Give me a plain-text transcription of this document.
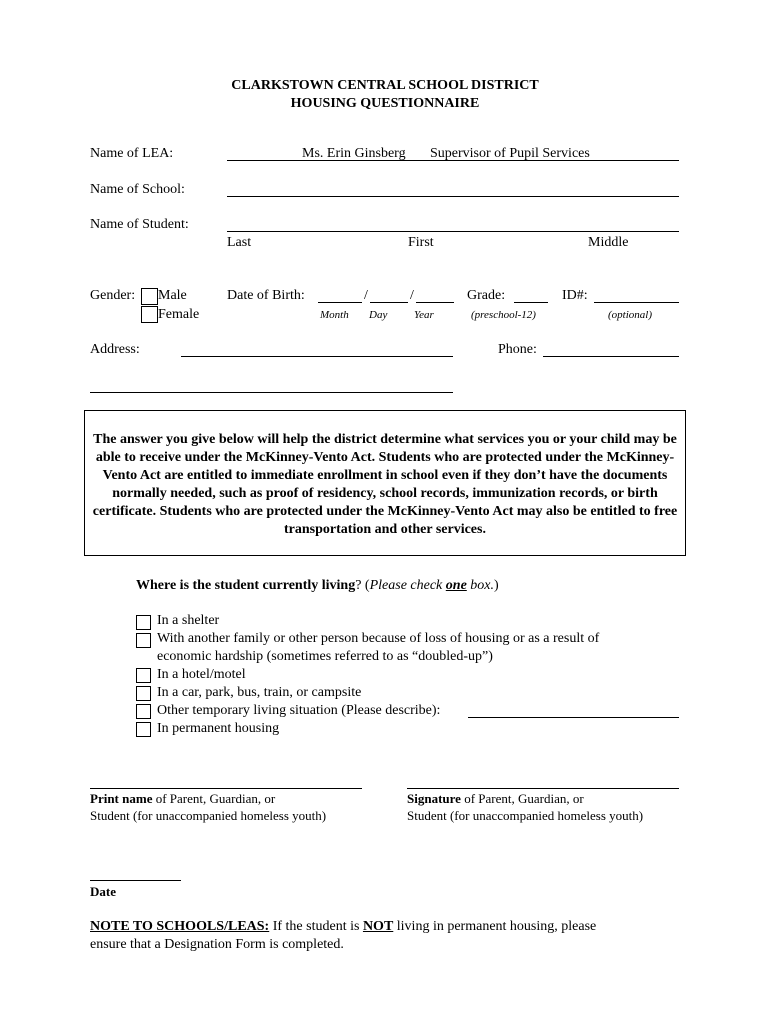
CLARKSTOWN CENTRAL SCHOOL DISTRICT
HOUSING QUESTIONNAIRE
Name of LEA:	Ms. Erin Ginsberg Supervisor of Pupil Services
Name of School:
Name of Student:
Last	First	Middle
Gender: Male
Female
Date of Birth:	/	/
Month Day Year
Grade:
(preschool-12)
ID#:
(optional)
Address:	Phone:

The answer you give below will help the district determine what services you or your child may be able to receive under the McKinney-Vento Act. Students who are protected under the McKinney-Vento Act are entitled to immediate enrollment in school even if they don’t have the documents normally needed, such as proof of residency, school records, immunization records, or birth certificate. Students who are protected under the McKinney-Vento Act may also be entitled to free transportation and other services.

Where is the student currently living? (Please check one box.)
In a shelter
With another family or other person because of loss of housing or as a result of
economic hardship (sometimes referred to as “doubled-up”)
In a hotel/motel
In a car, park, bus, train, or campsite
Other temporary living situation (Please describe):
In permanent housing
Print name of Parent, Guardian, or
Student (for unaccompanied homeless youth)
Signature of Parent, Guardian, or
Student (for unaccompanied homeless youth)
Date
NOTE TO SCHOOLS/LEAS: If the student is NOT living in permanent housing, please
ensure that a Designation Form is completed.
